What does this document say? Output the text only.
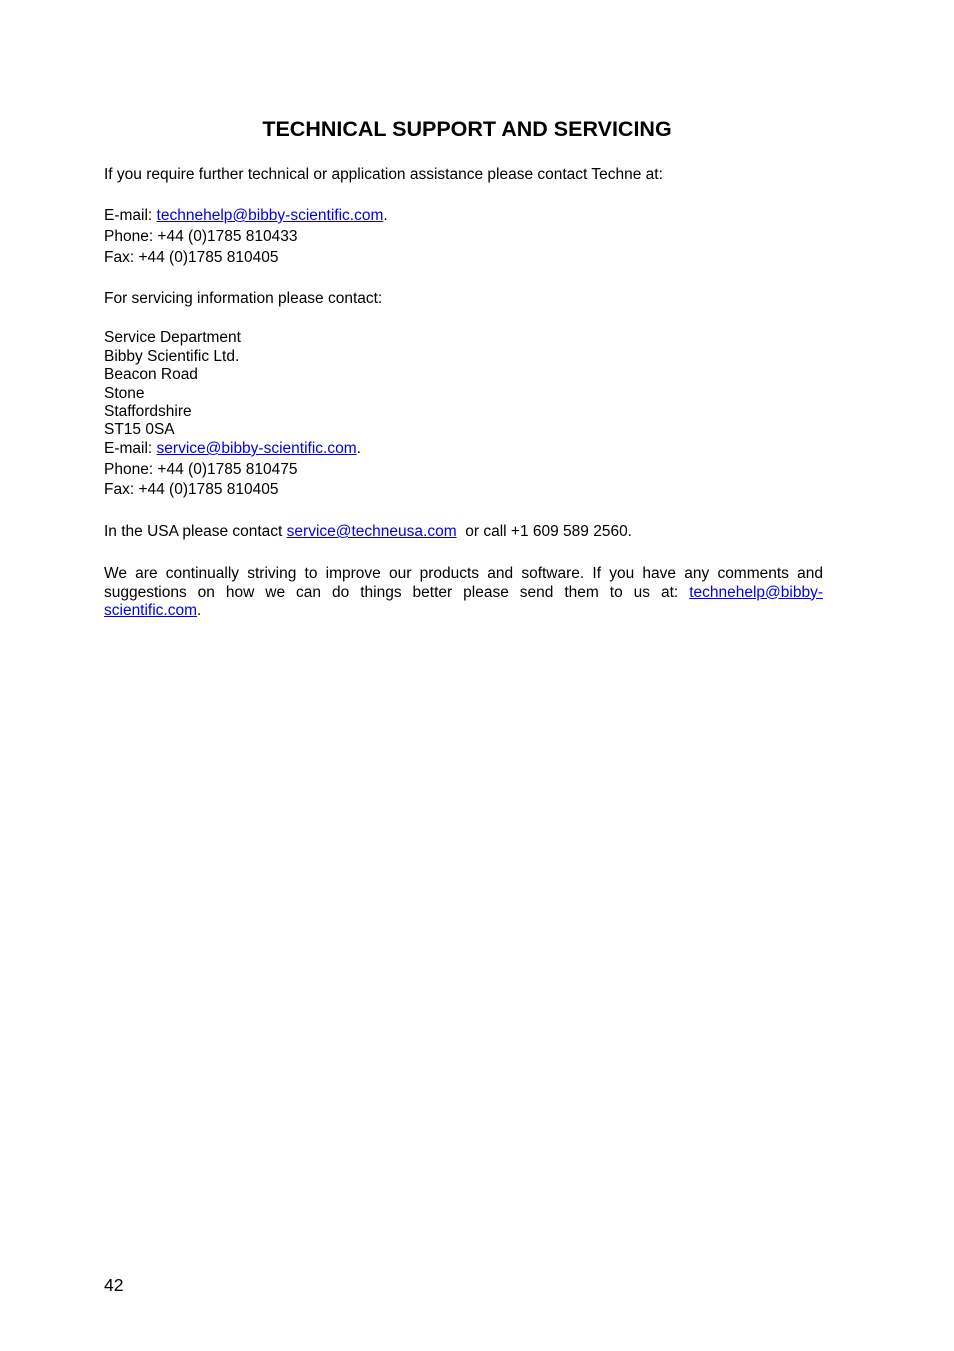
TECHNICAL SUPPORT AND SERVICING

If you require further technical or application assistance please contact Techne at:

E-mail: technehelp@bibby-scientific.com.

Phone: +44 (0)1785 810433

Fax: +44 (0)1785 810405

For servicing information please contact:

Service Department

Bibby Scientific Ltd.

Beacon Road

Stone

Staffordshire

ST15 0SA

E-mail: service@bibby-scientific.com.

Phone: +44 (0)1785 810475

Fax: +44 (0)1785 810405

In the USA please contact service@techneusa.com  or call +1 609 589 2560.

We are continually striving to improve our products and software. If you have any comments and suggestions on how we can do things better please send them to us at: technehelp@bibby-scientific.com.

42
